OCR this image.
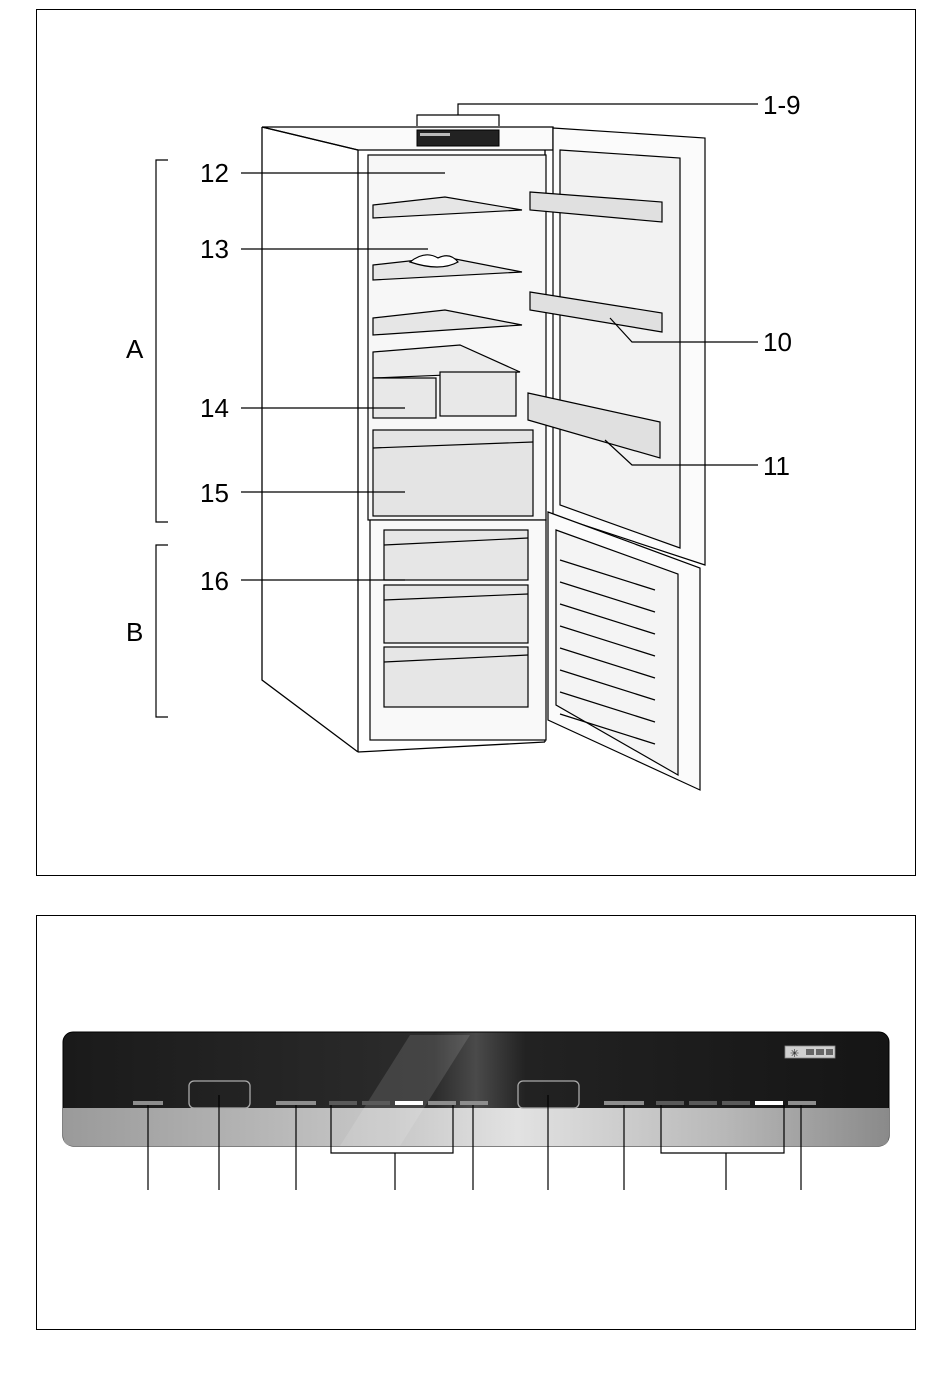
1-9
10
11
12
13
14
15
16
A
B
✳
